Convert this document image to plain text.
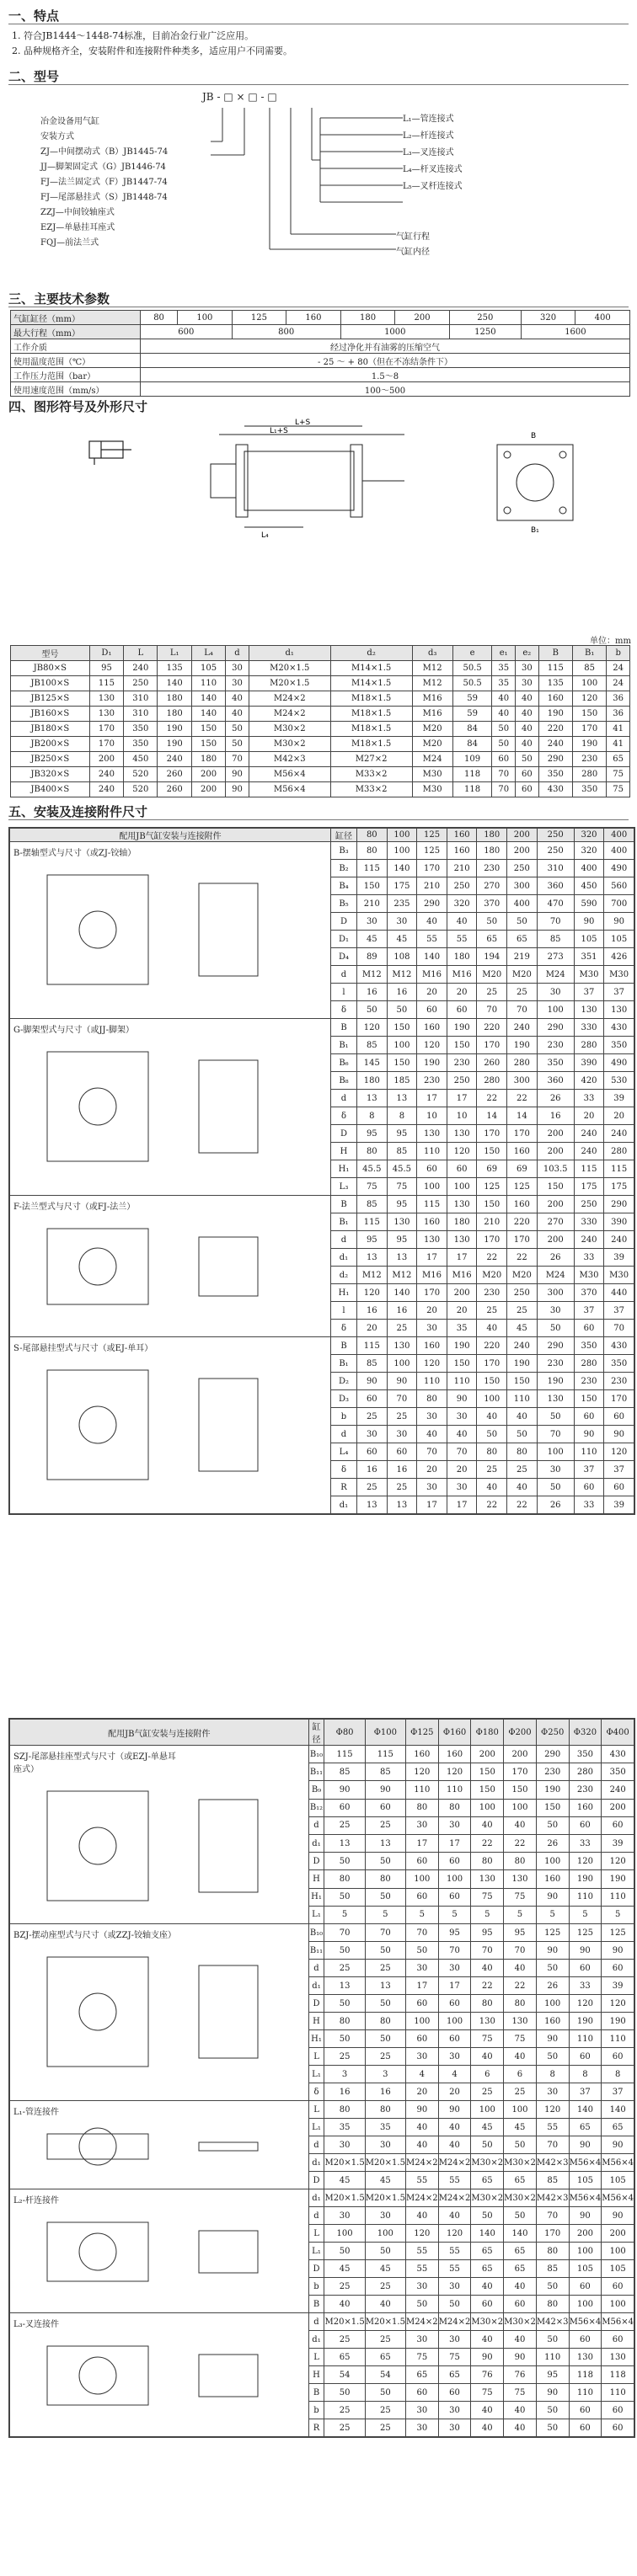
一、特点
1. 符合JB1444～1448-74标准，目前冶金行业广泛应用。
2. 品种规格齐全，安装附件和连接附件种类多，适应用户不同需要。
二、型号
JB - □ × □ - □
冶金设备用气缸
安装方式
ZJ—中间摆动式（B）JB1445-74
JJ—脚架固定式（G）JB1446-74
FJ—法兰固定式（F）JB1447-74
FJ—尾部悬挂式（S）JB1448-74
ZZJ—中间铰轴座式
EZJ—单悬挂耳座式
FQJ—前法兰式
L₁—管连接式
L₂—杆连接式
L₃—叉连接式
L₄—杆叉连接式
L₅—叉杆连接式
气缸行程
气缸内径
三、主要技术参数
气缸缸径（mm）	80	100	125	160	180	200	250	320	400
最大行程（mm）	600		800		1000		1250	1600	
工作介质	经过净化并有油雾的压缩空气								
使用温度范围（℃）	- 25 ～ + 80（但在不冻结条件下）								
工作压力范围（bar）	1.5～8								
使用速度范围（mm/s）	100～500								
四、图形符号及外形尺寸
L+S
L₁+S
L₄
B
B₁
单位：mm
型号	D₁	L	L₁	L₄	d	d₁	d₂	d₃	e	e₁	e₂	B	B₁	b
JB80×S	95	240	135	105	30	M20×1.5	M14×1.5	M12	50.5	35	30	115	85	24
JB100×S	115	250	140	110	30	M20×1.5	M14×1.5	M12	50.5	35	30	135	100	24
JB125×S	130	310	180	140	40	M24×2	M18×1.5	M16	59	40	40	160	120	36
JB160×S	130	310	180	140	40	M24×2	M18×1.5	M16	59	40	40	190	150	36
JB180×S	170	350	190	150	50	M30×2	M18×1.5	M20	84	50	40	220	170	41
JB200×S	170	350	190	150	50	M30×2	M18×1.5	M20	84	50	40	240	190	41
JB250×S	200	450	240	180	70	M42×3	M27×2	M24	109	60	50	290	230	65
JB320×S	240	520	260	200	90	M56×4	M33×2	M30	118	70	60	350	280	75
JB400×S	240	520	260	200	90	M56×4	M33×2	M30	118	70	60	430	350	75
五、安装及连接附件尺寸
配用JB气缸安装与连接附件	缸径	80	100	125	160	180	200	250	320	400

B-摆轴型式与尺寸（或ZJ-铰轴）	B₃	80	100	125	160	180	200	250	320	400
	B₂	115	140	170	210	230	250	310	400	490
	B₄	150	175	210	250	270	300	360	450	560
	B₅	210	235	290	320	370	400	470	590	700
	D	30	30	40	40	50	50	70	90	90
	D₁	45	45	55	55	65	65	85	105	105
	D₄	89	108	140	180	194	219	273	351	426
	d	M12	M12	M16	M16	M20	M20	M24	M30	M30
	l	16	16	20	20	25	25	30	37	37
	δ	50	50	60	60	70	70	100	130	130

G-脚架型式与尺寸（或JJ-脚架）	B	120	150	160	190	220	240	290	330	430
	B₁	85	100	120	150	170	190	230	280	350
	B₆	145	150	190	230	260	280	350	390	490
	B₈	180	185	230	250	280	300	360	420	530
	d	13	13	17	17	22	22	26	33	39
	δ	8	8	10	10	14	14	16	20	20
	D	95	95	130	130	170	170	200	240	240
	H	80	85	110	120	150	160	200	240	280
	H₁	45.5	45.5	60	60	69	69	103.5	115	115
	L₃	75	75	100	100	125	125	150	175	175

F-法兰型式与尺寸（或FJ-法兰）	B	85	95	115	130	150	160	200	250	290
	B₁	115	130	160	180	210	220	270	330	390
	d	95	95	130	130	170	170	200	240	240
	d₁	13	13	17	17	22	22	26	33	39
	d₂	M12	M12	M16	M16	M20	M20	M24	M30	M30
	H₁	120	140	170	200	230	250	300	370	440
	l	16	16	20	20	25	25	30	37	37
	δ	20	25	30	35	40	45	50	60	70

S-尾部悬挂型式与尺寸（或EJ-单耳）	B	115	130	160	190	220	240	290	350	430
	B₁	85	100	120	150	170	190	230	280	350
	D₂	90	90	110	110	150	150	190	230	230
	D₃	60	70	80	90	100	110	130	150	170
	b	25	25	30	30	40	40	50	60	60
	d	30	30	40	40	50	50	70	90	90
	L₄	60	60	70	70	80	80	100	110	120
	δ	16	16	20	20	25	25	30	37	37
	R	25	25	30	30	40	40	50	60	60
	d₁	13	13	17	17	22	22	26	33	39
配用JB气缸安装与连接附件	缸径	Φ80	Φ100	Φ125	Φ160	Φ180	Φ200	Φ250	Φ320	Φ400

SZJ-尾部悬挂座型式与尺寸（或EZJ-单悬耳座式）	B₁₀	115	115	160	160	200	200	290	350	430
	B₁₁	85	85	120	120	150	170	230	280	350
	B₉	90	90	110	110	150	150	190	230	240
	B₁₂	60	60	80	80	100	100	150	160	200
	d	25	25	30	30	40	40	50	60	60
	d₁	13	13	17	17	22	22	26	33	39
	D	50	50	60	60	80	80	100	120	120
	H	80	80	100	100	130	130	160	190	190
	H₁	50	50	60	60	75	75	90	110	110
	L₁	5	5	5	5	5	5	5	5	5

BZJ-摆动座型式与尺寸（或ZZJ-铰轴支座）	B₁₀	70	70	70	95	95	95	125	125	125
	B₁₁	50	50	50	70	70	70	90	90	90
	d	25	25	30	30	40	40	50	60	60
	d₁	13	13	17	17	22	22	26	33	39
	D	50	50	60	60	80	80	100	120	120
	H	80	80	100	100	130	130	160	190	190
	H₁	50	50	60	60	75	75	90	110	110
	L	25	25	30	30	40	40	50	60	60
	L₁	3	3	4	4	6	6	8	8	8
	δ	16	16	20	20	25	25	30	37	37

L₁-管连接件	L	80	80	90	90	100	100	120	140	140
	L₁	35	35	40	40	45	45	55	65	65
	d	30	30	40	40	50	50	70	90	90
	d₁	M20×1.5	M20×1.5	M24×2	M24×2	M30×2	M30×2	M42×3	M56×4	M56×4
	D	45	45	55	55	65	65	85	105	105

L₂-杆连接件	d₁	M20×1.5	M20×1.5	M24×2	M24×2	M30×2	M30×2	M42×3	M56×4	M56×4
	d	30	30	40	40	50	50	70	90	90
	L	100	100	120	120	140	140	170	200	200
	L₁	50	50	55	55	65	65	80	100	100
	D	45	45	55	55	65	65	85	105	105
	b	25	25	30	30	40	40	50	60	60
	B	40	40	50	50	60	60	80	100	100

L₃-叉连接件	d	M20×1.5	M20×1.5	M24×2	M24×2	M30×2	M30×2	M42×3	M56×4	M56×4
	d₁	25	25	30	30	40	40	50	60	60
	L	65	65	75	75	90	90	110	130	130
	H	54	54	65	65	76	76	95	118	118
	B	50	50	60	60	75	75	90	110	110
	b	25	25	30	30	40	40	50	60	60
	R	25	25	30	30	40	40	50	60	60
